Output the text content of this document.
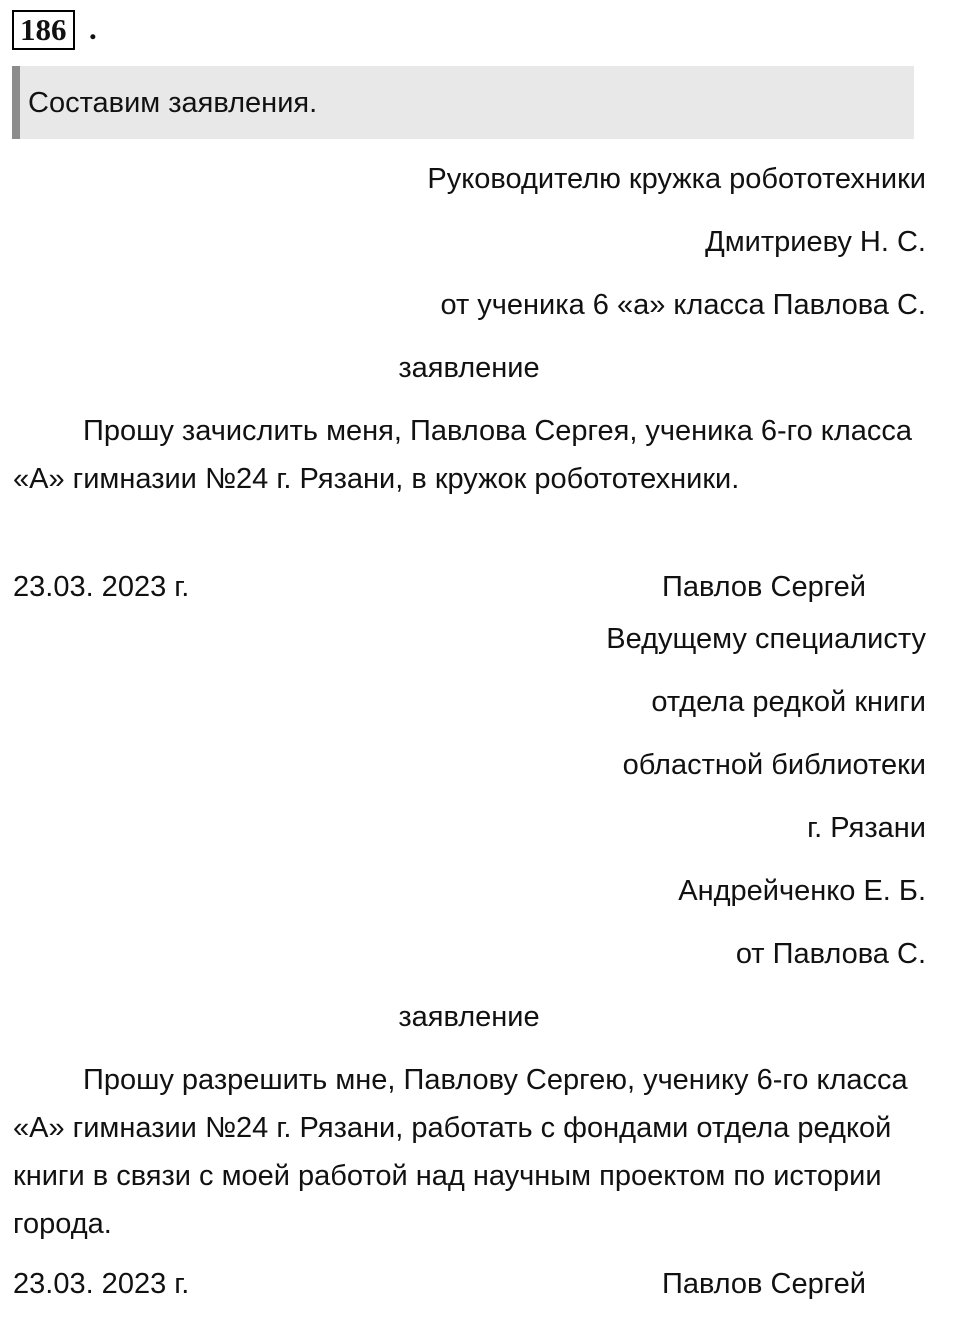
186 .
Составим заявления.
Руководителю кружка робототехники
Дмитриеву Н. С.
от ученика 6 «а» класса Павлова С.
заявление
Прошу зачислить меня, Павлова Сергея, ученика 6-го класса «А» гимназии №24 г. Рязани, в кружок робототехники.
23.03. 2023 г.	Павлов Сергей
Ведущему специалисту
отдела редкой книги
областной библиотеки
г. Рязани
Андрейченко Е. Б.
от Павлова С.
заявление
Прошу разрешить мне, Павлову Сергею, ученику 6-го класса «А» гимназии №24 г. Рязани, работать с фондами отдела редкой книги в связи с моей работой над научным проектом по истории города.
23.03. 2023 г.	Павлов Сергей
